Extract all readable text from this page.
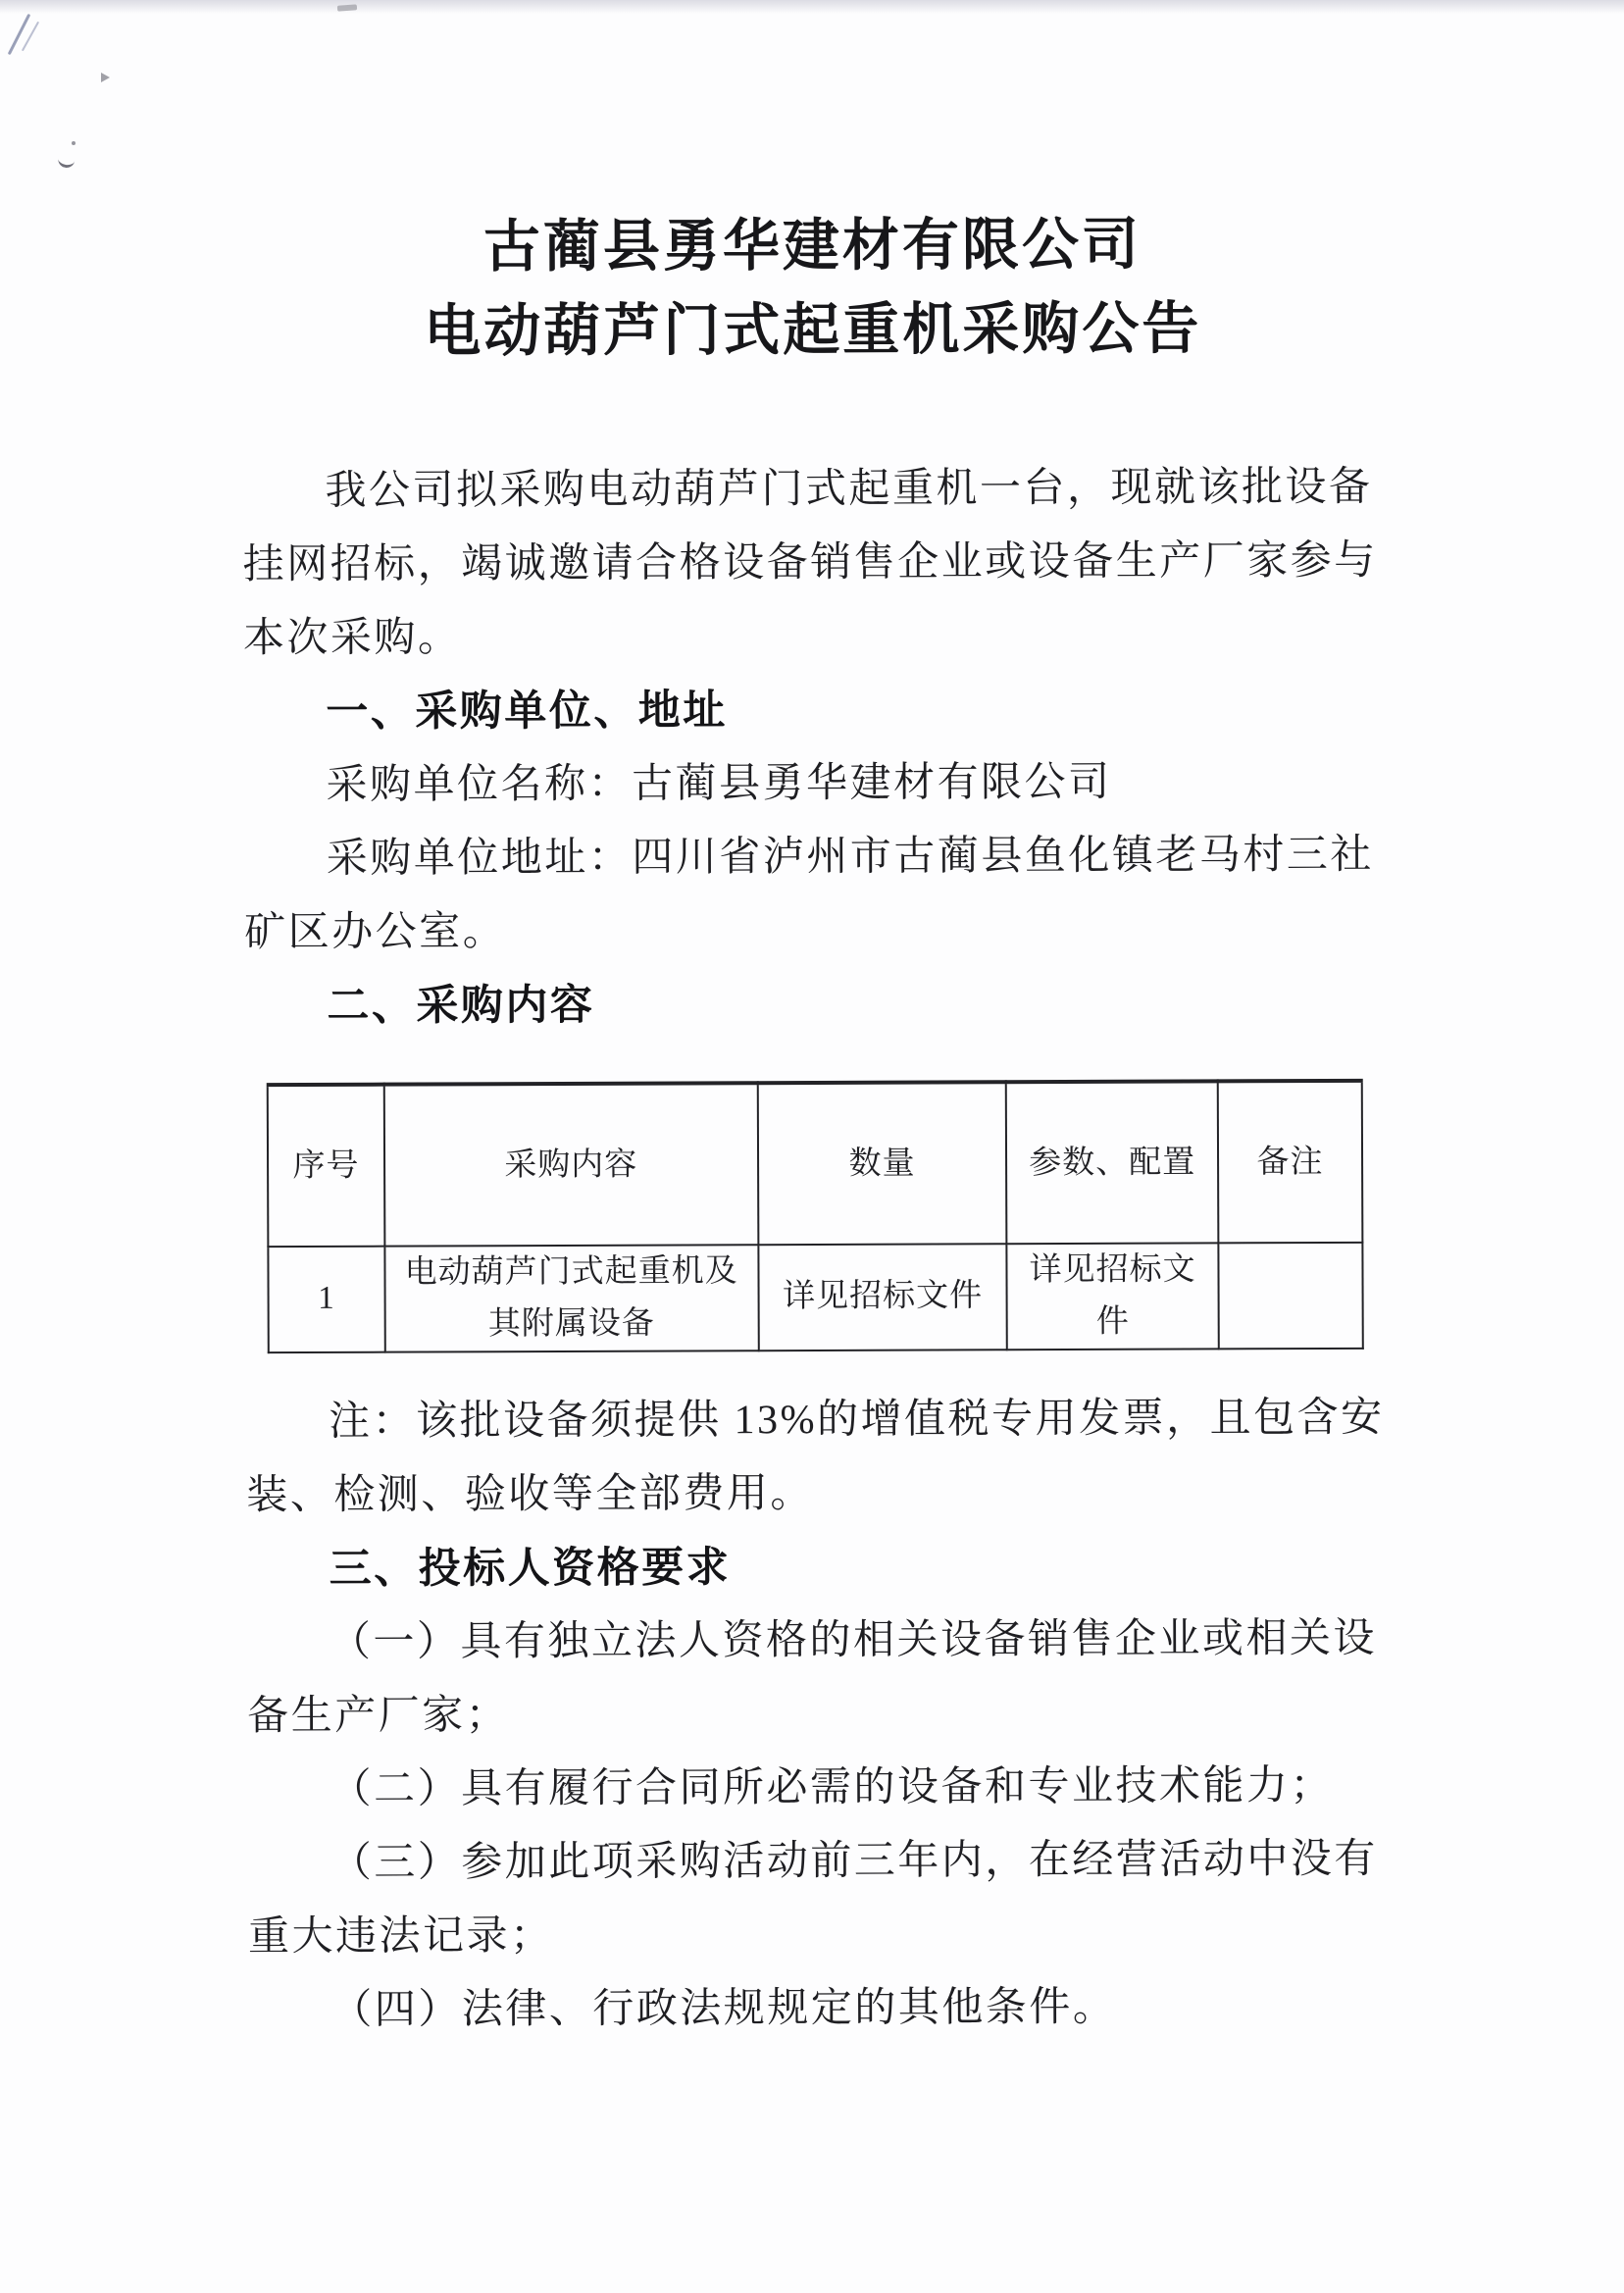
古蔺县勇华建材有限公司
电动葫芦门式起重机采购公告
我公司拟采购电动葫芦门式起重机一台，现就该批设备
挂网招标，竭诚邀请合格设备销售企业或设备生产厂家参与
本次采购。
一、采购单位、地址
采购单位名称：古蔺县勇华建材有限公司
采购单位地址：四川省泸州市古蔺县鱼化镇老马村三社
矿区办公室。
二、采购内容
序号	采购内容	数量	参数、配置	备注
1	电动葫芦门式起重机及其附属设备	详见招标文件	详见招标文件	
注：该批设备须提供 13%的增值税专用发票，且包含安
装、检测、验收等全部费用。
三、投标人资格要求
（一）具有独立法人资格的相关设备销售企业或相关设
备生产厂家；
（二）具有履行合同所必需的设备和专业技术能力；
（三）参加此项采购活动前三年内，在经营活动中没有
重大违法记录；
（四）法律、行政法规规定的其他条件。
